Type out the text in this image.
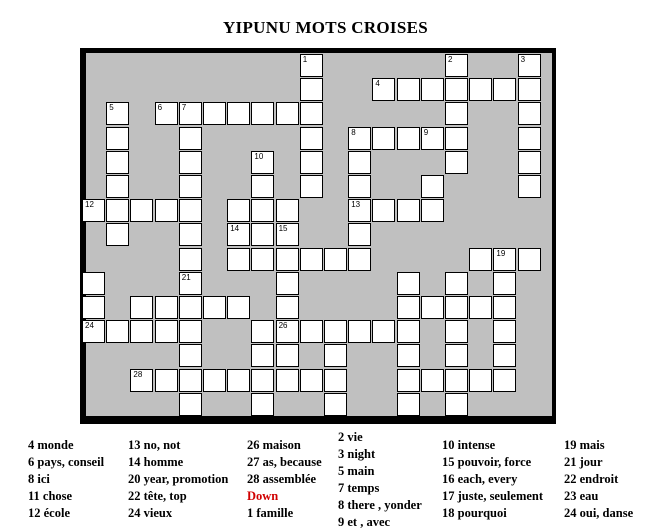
YIPUNU MOTS CROISES
1	2	3
4
5	6 7
21
8	9
13
10
12
14	15
19
24	26
28
4 monde
6 pays, conseil
8 ici
11 chose
12 école
13 no, not
14 homme
20 year, promotion
22 tête, top
24 vieux
26 maison
27 as, because
28 assemblée
Down
1 famille
2 vie
3 night
5 main
7 temps
8 there , yonder
9 et , avec
10 intense
15 pouvoir, force
16 each, every
17 juste, seulement
18 pourquoi
19 mais
21 jour
22 endroit
23 eau
24 oui, danse
